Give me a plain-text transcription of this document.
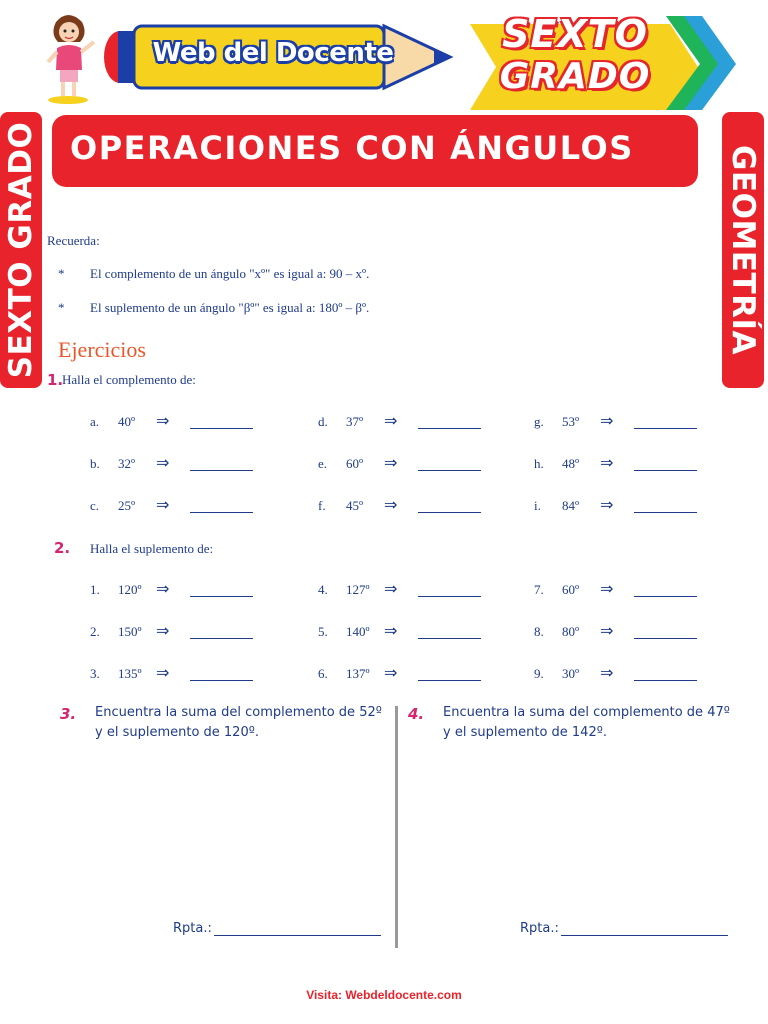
Web del Docente	SEXTO
GRADO
SEXTO GRADO	GEOMETRÍA
OPERACIONES CON ÁNGULOS
Recuerda:
* El complemento de un ángulo "xº" es igual a: 90 – xº.
* El suplemento de un ángulo "βº" es igual a: 180º – βº.
Ejercicios
1.
Halla el complemento de:
a. 40º ⇒
b. 32º ⇒
c. 25º ⇒
d. 37º ⇒
e. 60º ⇒
f. 45º ⇒
g. 53º ⇒
h. 48º ⇒
i. 84º ⇒
2. Halla el suplemento de:
1. 120º ⇒
2. 150º ⇒
3. 135º ⇒
4. 127º ⇒
5. 140º ⇒
6. 137º ⇒
7. 60º ⇒
8. 80º ⇒
9. 30º ⇒
3. Encuentra la suma del complemento de 52º y el suplemento de 120º.
4. Encuentra la suma del complemento de 47º y el suplemento de 142º.
Rpta.:	Rpta.:
Visita: Webdeldocente.com
